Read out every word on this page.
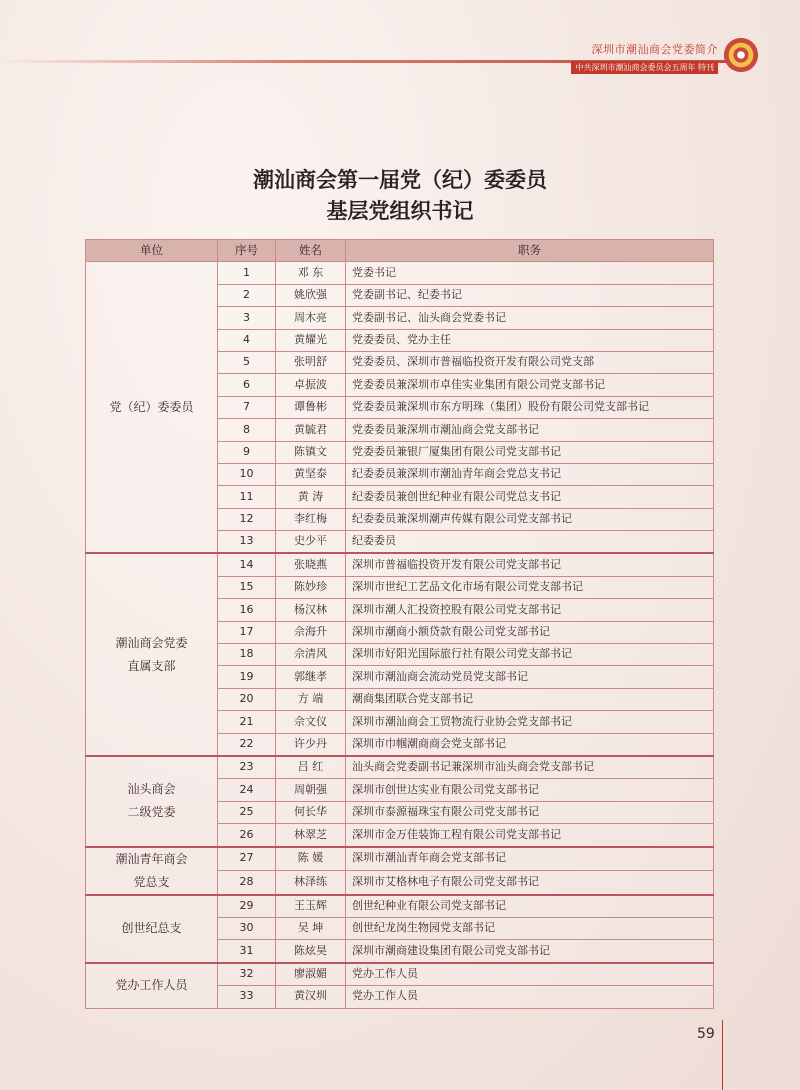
深圳市潮汕商会党委简介
中共深圳市潮汕商会委员会五周年 特刊
潮汕商会第一届党（纪）委委员
基层党组织书记
单位	序号	姓名	职务

党（纪）委委员	1	邓 东	党委书记
	2	姚欣强	党委副书记、纪委书记
	3	周木亮	党委副书记、汕头商会党委书记
	4	黄耀光	党委委员、党办主任
	5	张明舒	党委委员、深圳市普福临投资开发有限公司党支部
	6	卓振波	党委委员兼深圳市卓佳实业集团有限公司党支部书记
	7	谭鲁彬	党委委员兼深圳市东方明珠（集团）股份有限公司党支部书记
	8	黄毓君	党委委员兼深圳市潮汕商会党支部书记
	9	陈镇文	党委委员兼银厂厦集团有限公司党支部书记
	10	黄坚泰	纪委委员兼深圳市潮汕青年商会党总支书记
	11	黄 涛	纪委委员兼创世纪种业有限公司党总支书记
	12	李红梅	纪委委员兼深圳潮声传媒有限公司党支部书记
	13	史少平	纪委委员

潮汕商会党委
直属支部	14	张晓燕	深圳市普福临投资开发有限公司党支部书记
	15	陈妙珍	深圳市世纪工艺品文化市场有限公司党支部书记
	16	杨汉林	深圳市潮人汇投资控股有限公司党支部书记
	17	佘海升	深圳市潮商小额贷款有限公司党支部书记
	18	佘清风	深圳市好阳光国际旅行社有限公司党支部书记
	19	郭继孝	深圳市潮汕商会流动党员党支部书记
	20	方 端	潮商集团联合党支部书记
	21	佘文仪	深圳市潮汕商会工贸物流行业协会党支部书记
	22	许少丹	深圳市巾帼潮商商会党支部书记

汕头商会
二级党委	23	吕 红	汕头商会党委副书记兼深圳市汕头商会党支部书记
	24	周朝强	深圳市创世达实业有限公司党支部书记
	25	何长华	深圳市泰源福珠宝有限公司党支部书记
	26	林翠芝	深圳市金万佳装饰工程有限公司党支部书记

潮汕青年商会
党总支	27	陈 媛	深圳市潮汕青年商会党支部书记
	28	林泽练	深圳市艾格林电子有限公司党支部书记

创世纪总支	29	王玉辉	创世纪种业有限公司党支部书记
	30	吴 坤	创世纪龙岗生物园党支部书记
	31	陈炫昊	深圳市潮商建设集团有限公司党支部书记

党办工作人员	32	廖淑媚	党办工作人员
	33	黄汉圳	党办工作人员
59
